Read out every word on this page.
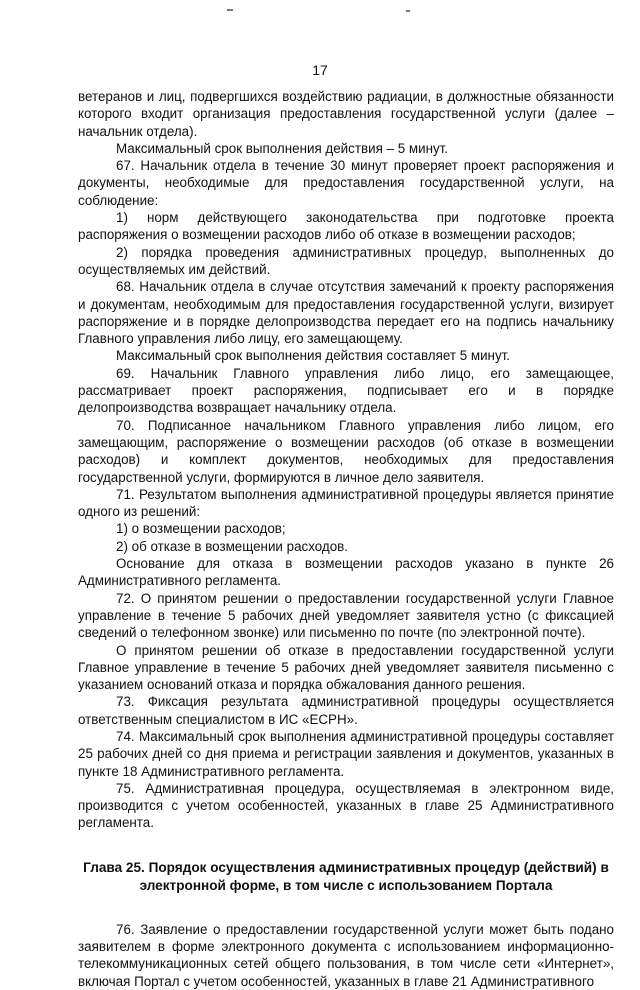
17

ветеранов и лиц, подвергшихся воздействию радиации, в должностные обязанности которого входит организация предоставления государственной услуги (далее – начальник отдела).

Максимальный срок выполнения действия – 5 минут.

67. Начальник отдела в течение 30 минут проверяет проект распоряжения и документы, необходимые для предоставления государственной услуги, на соблюдение:

1) норм действующего законодательства при подготовке проекта распоряжения о возмещении расходов либо об отказе в возмещении расходов;

2) порядка проведения административных процедур, выполненных до осуществляемых им действий.

68. Начальник отдела в случае отсутствия замечаний к проекту распоряжения и документам, необходимым для предоставления государственной услуги, визирует распоряжение и в порядке делопроизводства передает его на подпись начальнику Главного управления либо лицу, его замещающему.

Максимальный срок выполнения действия составляет 5 минут.

69. Начальник Главного управления либо лицо, его замещающее, рассматривает проект распоряжения, подписывает его и в порядке делопроизводства возвращает начальнику отдела.

70. Подписанное начальником Главного управления либо лицом, его замещающим, распоряжение о возмещении расходов (об отказе в возмещении расходов) и комплект документов, необходимых для предоставления государственной услуги, формируются в личное дело заявителя.

71. Результатом выполнения административной процедуры является принятие одного из решений:

1) о возмещении расходов;

2) об отказе в возмещении расходов.

Основание для отказа в возмещении расходов указано в пункте 26 Административного регламента.

72. О принятом решении о предоставлении государственной услуги Главное управление в течение 5 рабочих дней уведомляет заявителя устно (с фиксацией сведений о телефонном звонке) или письменно по почте (по электронной почте).

О принятом решении об отказе в предоставлении государственной услуги Главное управление в течение 5 рабочих дней уведомляет заявителя письменно с указанием оснований отказа и порядка обжалования данного решения.

73. Фиксация результата административной процедуры осуществляется ответственным специалистом в ИС «ЕСРН».

74. Максимальный срок выполнения административной процедуры составляет 25 рабочих дней со дня приема и регистрации заявления и документов, указанных в пункте 18 Административного регламента.

75. Административная процедура, осуществляемая в электронном виде, производится с учетом особенностей, указанных в главе 25 Административного регламента.

Глава 25. Порядок осуществления административных процедур (действий) в электронной форме, в том числе с использованием Портала

76. Заявление о предоставлении государственной услуги может быть подано заявителем в форме электронного документа с использованием информационно-телекоммуникационных сетей общего пользования, в том числе сети «Интернет», включая Портал с учетом особенностей, указанных в главе 21 Административного
